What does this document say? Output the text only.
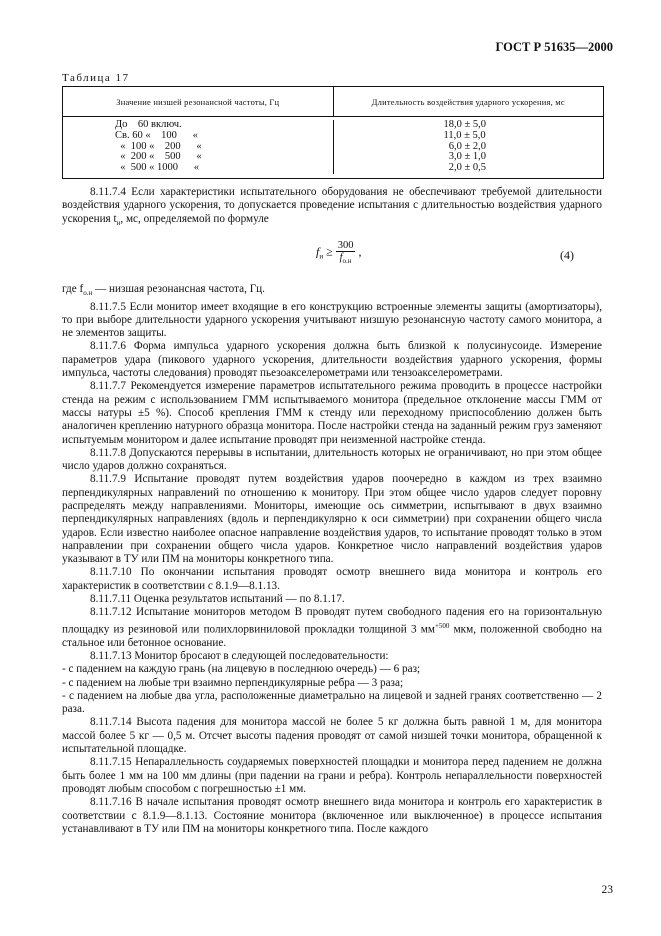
ГОСТ Р 51635—2000
Таблица 17
Значение низшей резонансной частоты, Гц	Длительность воздействия ударного ускорения, мс
До    60 включ.
Св. 60 «    100      «
«  100 «    200      «
«  200 «    500      «
«  500 « 1000      «
18,0 ± 5,0
11,0 ± 5,0
6,0 ± 2,0
3,0 ± 1,0
2,0 ± 0,5

8.11.7.4 Если характеристики испытательного оборудования не обеспечивают требуемой длительности воздействия ударного ускорения, то допускается проведение испытания с длительностью воздействия ударного ускорения $t_и$, мс, определяемой по формуле

$f_и \ge \frac{300}{f_{о.н}}$ ,	(4)

где $f_{о.н}$ — низшая резонансная частота, Гц.

8.11.7.5 Если монитор имеет входящие в его конструкцию встроенные элементы защиты (амортизаторы), то при выборе длительности ударного ускорения учитывают низшую резонансную частоту самого монитора, а не элементов защиты.

8.11.7.6 Форма импульса ударного ускорения должна быть близкой к полусинусоиде. Измерение параметров удара (пикового ударного ускорения, длительности воздействия ударного ускорения, формы импульса, частоты следования) проводят пьезоакселерометрами или тензоакселерометрами.

8.11.7.7 Рекомендуется измерение параметров испытательного режима проводить в процессе настройки стенда на режим с использованием ГММ испытываемого монитора (предельное отклонение массы ГММ от массы натуры ±5 %). Способ крепления ГММ к стенду или переходному приспособлению должен быть аналогичен креплению натурного образца монитора. После настройки стенда на заданный режим груз заменяют испытуемым монитором и далее испытание проводят при неизменной настройке стенда.

8.11.7.8 Допускаются перерывы в испытании, длительность которых не ограничивают, но при этом общее число ударов должно сохраняться.

8.11.7.9 Испытание проводят путем воздействия ударов поочередно в каждом из трех взаимно перпендикулярных направлений по отношению к монитору. При этом общее число ударов следует поровну распределять между направлениями. Мониторы, имеющие ось симметрии, испытывают в двух взаимно перпендикулярных направлениях (вдоль и перпендикулярно к оси симметрии) при сохранении общего числа ударов. Если известно наиболее опасное направление воздействия ударов, то испытание проводят только в этом направлении при сохранении общего числа ударов. Конкретное число направлений воздействия ударов указывают в ТУ или ПМ на мониторы конкретного типа.

8.11.7.10 По окончании испытания проводят осмотр внешнего вида монитора и контроль его характеристик в соответствии с 8.1.9—8.1.13.

8.11.7.11 Оценка результатов испытаний — по 8.1.17.

8.11.7.12 Испытание мониторов методом В проводят путем свободного падения его на горизонтальную площадку из резиновой или полихлорвиниловой прокладки толщиной 3 $мм^{+500}$ мкм, положенной свободно на стальное или бетонное основание.

8.11.7.13 Монитор бросают в следующей последовательности:

- с падением на каждую грань (на лицевую в последнюю очередь) — 6 раз;

- с падением на любые три взаимно перпендикулярные ребра — 3 раза;

- с падением на любые два угла, расположенные диаметрально на лицевой и задней гранях соответственно — 2 раза.

8.11.7.14 Высота падения для монитора массой не более 5 кг должна быть равной 1 м, для монитора массой более 5 кг — 0,5 м. Отсчет высоты падения проводят от самой низшей точки монитора, обращенной к испытательной площадке.

8.11.7.15 Непараллельность соударяемых поверхностей площадки и монитора перед падением не должна быть более 1 мм на 100 мм длины (при падении на грани и ребра). Контроль непараллельности поверхностей проводят любым способом с погрешностью ±1 мм.

8.11.7.16 В начале испытания проводят осмотр внешнего вида монитора и контроль его характеристик в соответствии с 8.1.9—8.1.13. Состояние монитора (включенное или выключенное) в процессе испытания устанавливают в ТУ или ПМ на мониторы конкретного типа. После каждого

23
